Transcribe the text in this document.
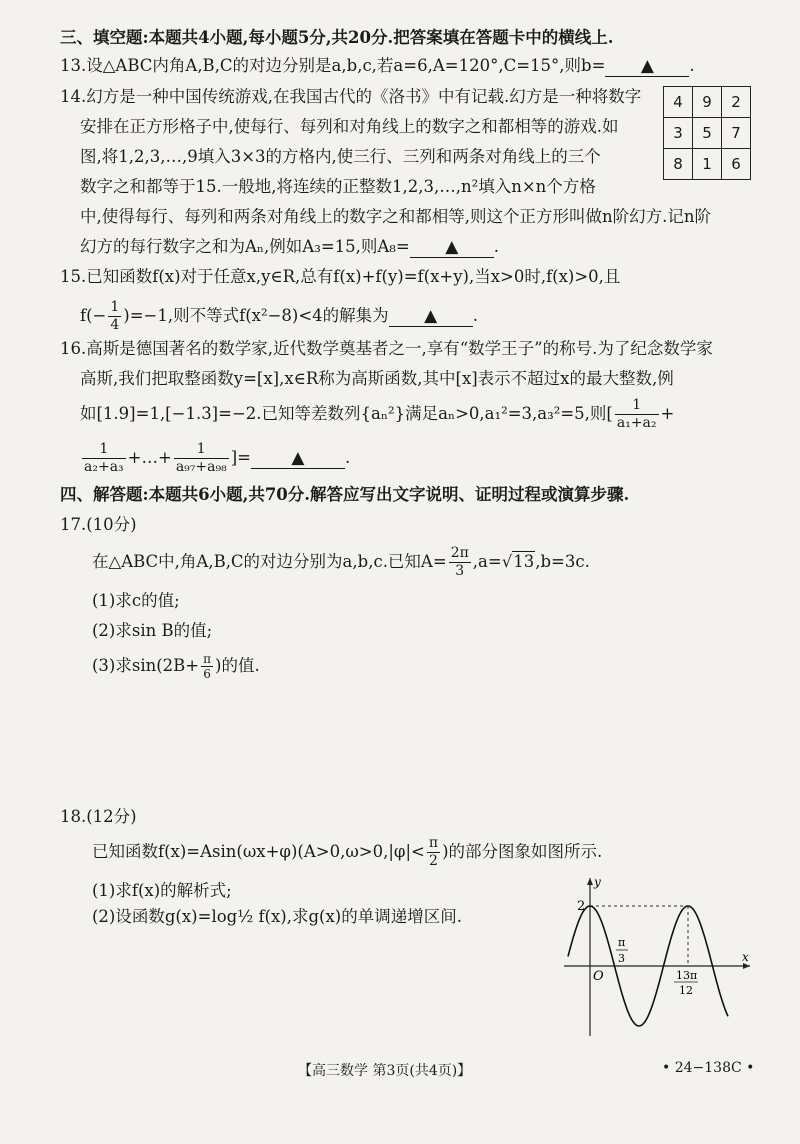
三、填空题:本题共4小题,每小题5分,共20分.把答案填在答题卡中的横线上.
13.设△ABC内角A,B,C的对边分别是a,b,c,若a=6,A=120°,C=15°,则b= ▲ .
14.幻方是一种中国传统游戏,在我国古代的《洛书》中有记载.幻方是一种将数字
安排在正方形格子中,使每行、每列和对角线上的数字之和都相等的游戏.如
图,将1,2,3,…,9填入3×3的方格内,使三行、三列和两条对角线上的三个
数字之和都等于15.一般地,将连续的正整数1,2,3,…,n²填入n×n个方格
中,使得每行、每列和两条对角线上的数字之和都相等,则这个正方形叫做n阶幻方.记n阶
幻方的每行数字之和为Aₙ,例如A₃=15,则A₈= ▲ .
4	9	2
3	5	7
8	1	6
15.已知函数f(x)对于任意x,y∈R,总有f(x)+f(y)=f(x+y),当x>0时,f(x)>0,且
$f(- \frac{1}{4} )=-1$,则不等式f(x²−8)<4的解集为 ▲ .
16.高斯是德国著名的数学家,近代数学奠基者之一,享有“数学王子”的称号.为了纪念数学家
高斯,我们把取整函数y=[x],x∈R称为高斯函数,其中[x]表示不超过x的最大整数,例
如[1.9]=1,[−1.3]=−2.已知等差数列{aₙ²}满足aₙ>0,a₁²=3,a₃²=5,则[ $\frac{1}{\text{a₁+a₂}}$ +
$\frac{1}{\text{a₂+a₃}}$ +…+ $\frac{1}{\text{a₉₇+a₉₈}}$ ]= ▲ .
四、解答题:本题共6小题,共70分.解答应写出文字说明、证明过程或演算步骤.
17.(10分)
在△ABC中,角A,B,C的对边分别为a,b,c.已知$A= \frac{2\pi}{3} ,a=√13,b=3c$.
(1)求c的值;
(2)求sin B的值;
(3)求$\sin(2B+ \frac{\pi}{6}$ )的值.
18.(12分)
已知函数$f(x)=Asin(\omega x+\varphi)(A>0,\omega>0,|\varphi|< \frac{\pi}{2}$ )的部分图象如图所示.
(1)求f(x)的解析式;
(2)设函数g(x)=log½ f(x),求g(x)的单调递增区间.
y
x
O
2
π
3
13π
12
【高三数学 第3页(共4页)】	• 24−138C •
